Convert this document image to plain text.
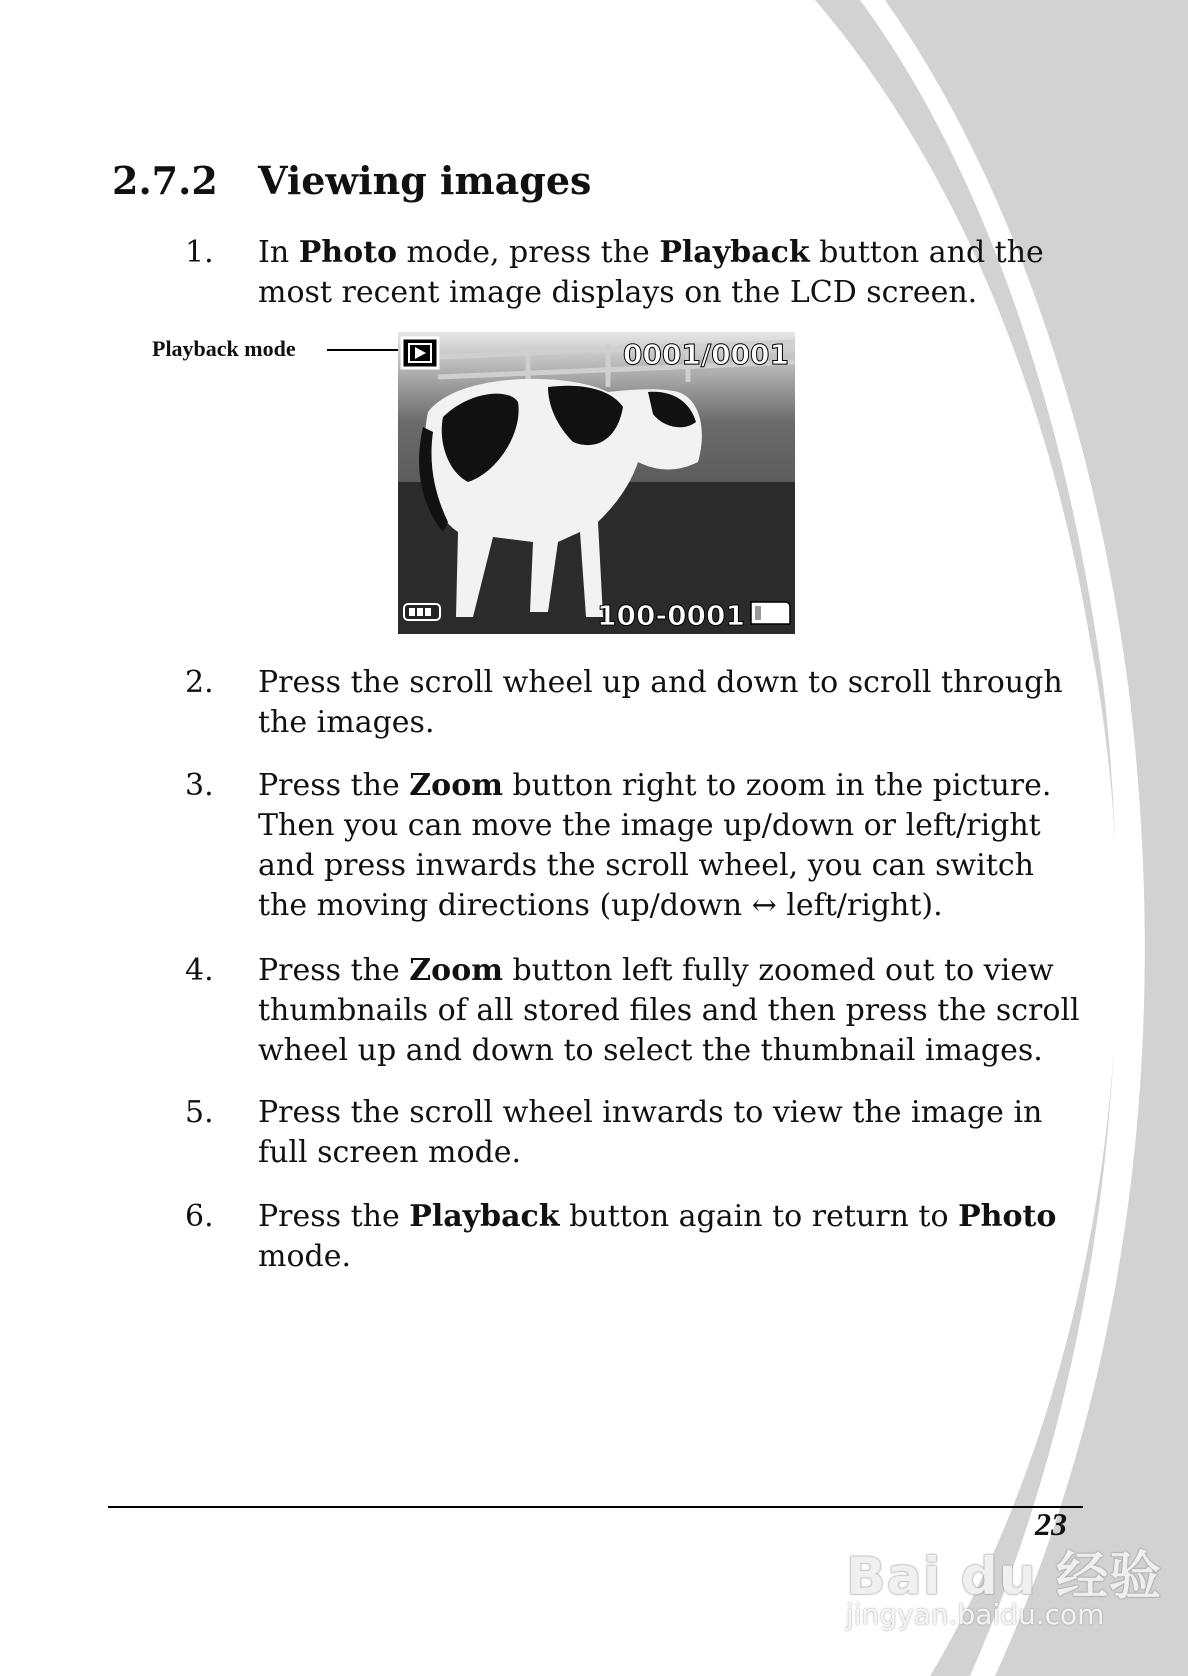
2.7.2 Viewing images
1. In Photo mode, press the Playback button and the most recent image displays on the LCD screen.
Playback mode	0001/0001
100-0001
2. Press the scroll wheel up and down to scroll through the images.
3. Press the Zoom button right to zoom in the picture. Then you can move the image up/down or left/right and press inwards the scroll wheel, you can switch the moving directions (up/down ↔ left/right).
4. Press the Zoom button left fully zoomed out to view thumbnails of all stored files and then press the scroll wheel up and down to select the thumbnail images.
5. Press the scroll wheel inwards to view the image in full screen mode.
6. Press the Playback button again to return to Photo mode.
23
Bai du 经验
jingyan.baidu.com
